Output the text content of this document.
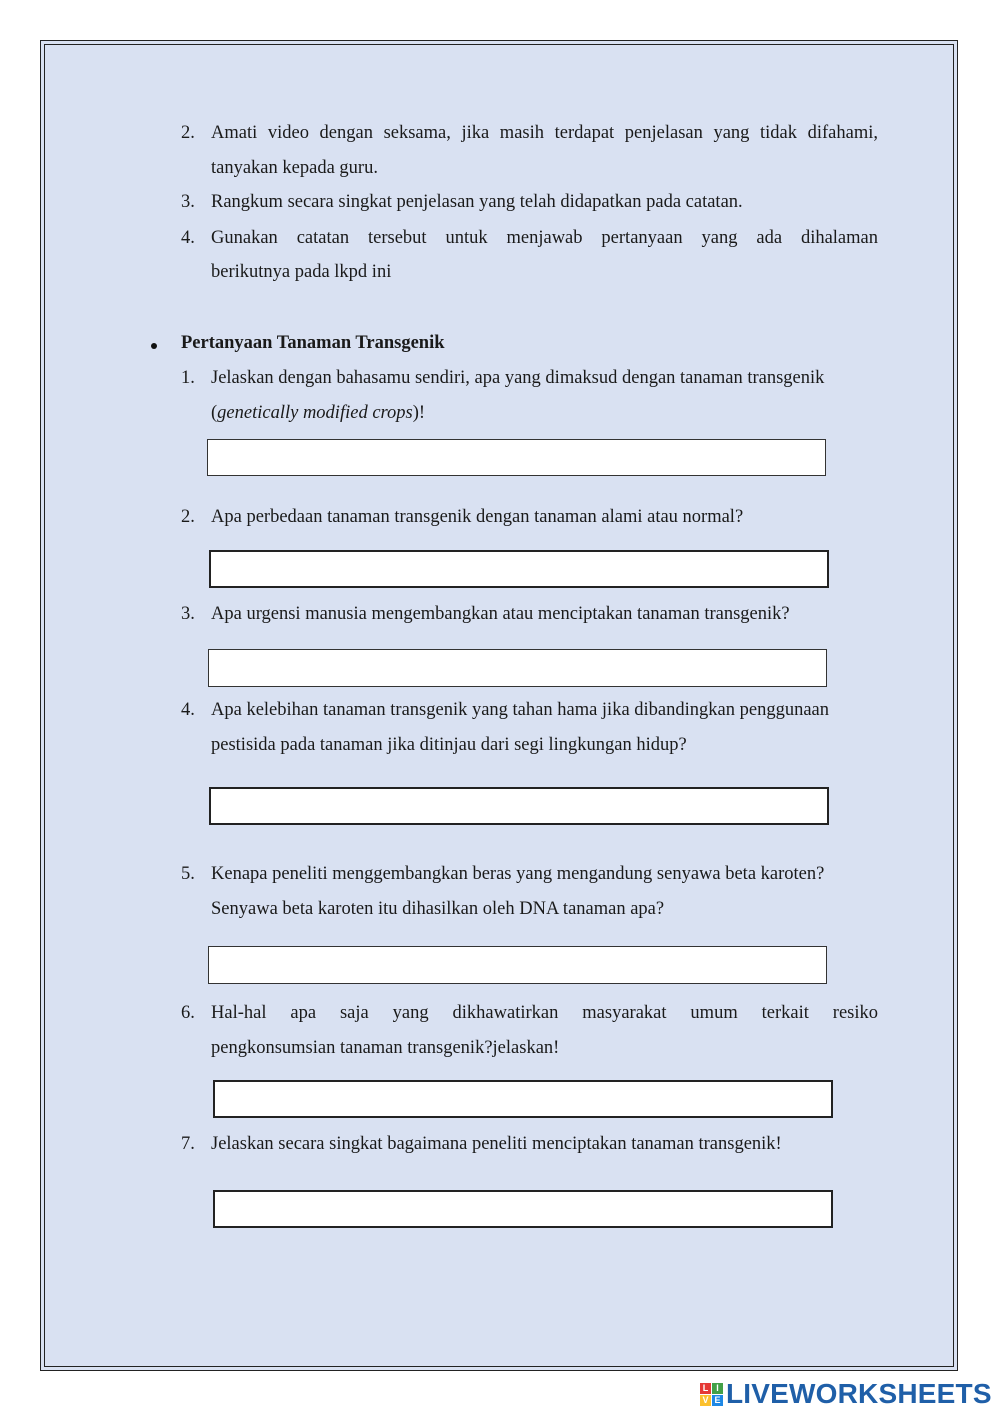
2. Amati video dengan seksama, jika masih terdapat penjelasan yang tidak difahami,
tanyakan kepada guru.
3. Rangkum secara singkat penjelasan yang telah didapatkan pada catatan.
4. Gunakan catatan tersebut untuk menjawab pertanyaan yang ada dihalaman
berikutnya pada lkpd ini
Pertanyaan Tanaman Transgenik
1. Jelaskan dengan bahasamu sendiri, apa yang dimaksud dengan tanaman transgenik
(genetically modified crops)!
2. Apa perbedaan tanaman transgenik dengan tanaman alami atau normal?
3. Apa urgensi manusia mengembangkan atau menciptakan tanaman transgenik?
4. Apa kelebihan tanaman transgenik yang tahan hama jika dibandingkan penggunaan
pestisida pada tanaman jika ditinjau dari segi lingkungan hidup?
5. Kenapa peneliti menggembangkan beras yang mengandung senyawa beta karoten?
Senyawa beta karoten itu dihasilkan oleh DNA tanaman apa?
6. Hal-hal apa saja yang dikhawatirkan masyarakat umum terkait resiko
pengkonsumsian tanaman transgenik?jelaskan!
7. Jelaskan secara singkat bagaimana peneliti menciptakan tanaman transgenik!
L I
V E LIVEWORKSHEETS
